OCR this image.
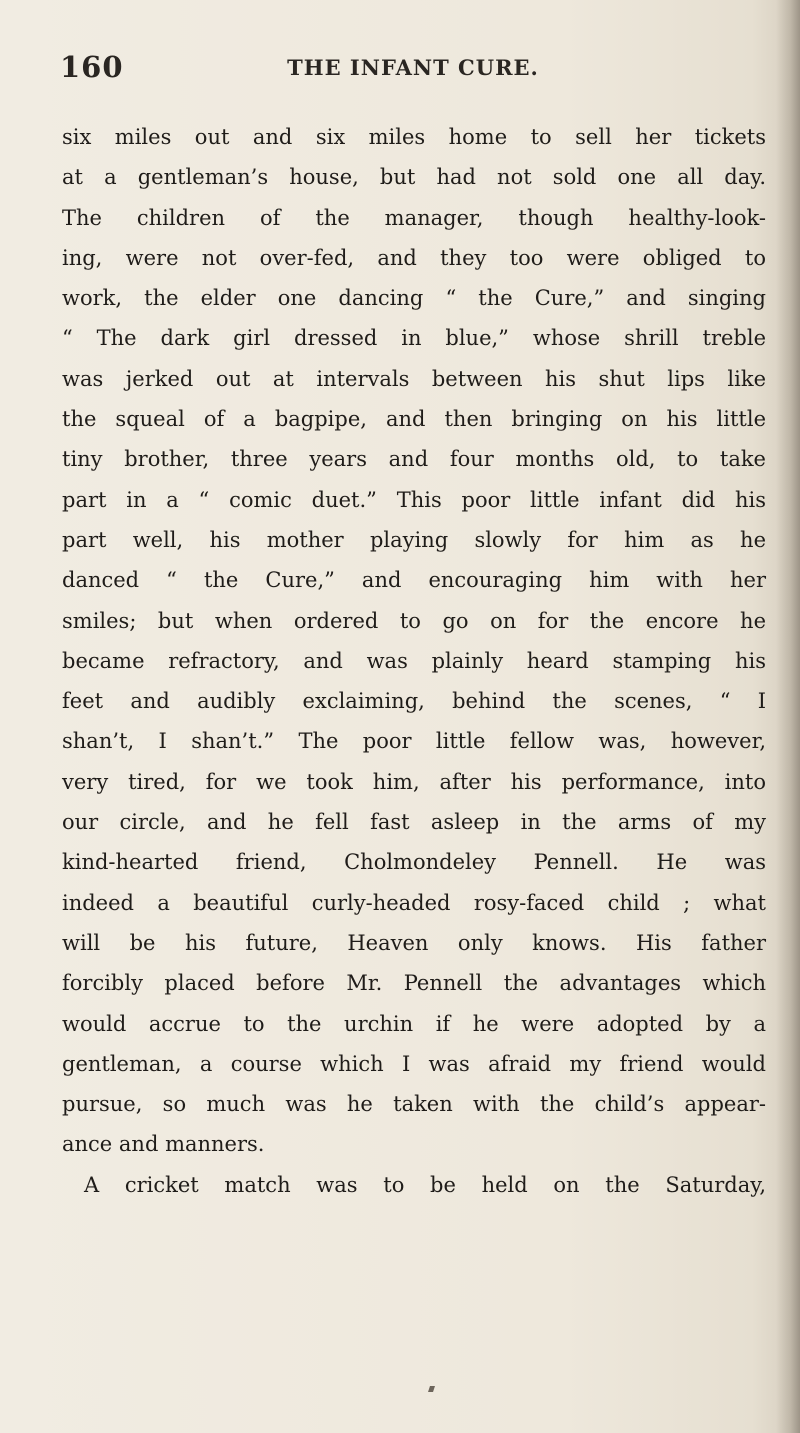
160	THE INFANT CURE.
six miles out and six miles home to sell her tickets
at a gentleman’s house, but had not sold one all day.
The children of the manager, though healthy-look-
ing, were not over-fed, and they too were obliged to
work, the elder one dancing “ the Cure,” and singing
“ The dark girl dressed in blue,” whose shrill treble
was jerked out at intervals between his shut lips like
the squeal of a bagpipe, and then bringing on his little
tiny brother, three years and four months old, to take
part in a “ comic duet.” This poor little infant did his
part well, his mother playing slowly for him as he
danced “ the Cure,” and encouraging him with her
smiles; but when ordered to go on for the encore he
became refractory, and was plainly heard stamping his
feet and audibly exclaiming, behind the scenes, “ I
shan’t, I shan’t.” The poor little fellow was, however,
very tired, for we took him, after his performance, into
our circle, and he fell fast asleep in the arms of my
kind-hearted friend, Cholmondeley Pennell. He was
indeed a beautiful curly-headed rosy-faced child ; what
will be his future, Heaven only knows. His father
forcibly placed before Mr. Pennell the advantages which
would accrue to the urchin if he were adopted by a
gentleman, a course which I was afraid my friend would
pursue, so much was he taken with the child’s appear-
ance and manners.
A cricket match was to be held on the Saturday,
